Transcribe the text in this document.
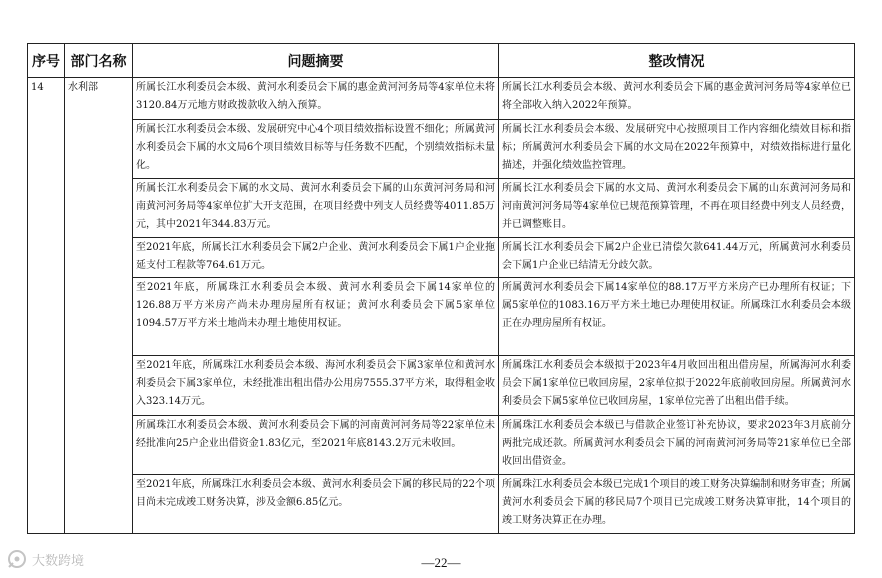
序号	部门名称	问题摘要	整改情况
14	水利部	所属长江水利委员会本级、黄河水利委员会下属的惠金黄河河务局等4家单位未将3120.84万元地方财政拨款收入纳入预算。	所属长江水利委员会本级、黄河水利委员会下属的惠金黄河河务局等4家单位已将全部收入纳入2022年预算。
		所属长江水利委员会本级、发展研究中心4个项目绩效指标设置不细化；所属黄河水利委员会下属的水文局6个项目绩效目标等与任务数不匹配，个别绩效指标未量化。	所属长江水利委员会本级、发展研究中心按照项目工作内容细化绩效目标和指标；所属黄河水利委员会下属的水文局在2022年预算中，对绩效指标进行量化描述，并强化绩效监控管理。
		所属长江水利委员会下属的水文局、黄河水利委员会下属的山东黄河河务局和河南黄河河务局等4家单位扩大开支范围，在项目经费中列支人员经费等4011.85万元，其中2021年344.83万元。	所属长江水利委员会下属的水文局、黄河水利委员会下属的山东黄河河务局和河南黄河河务局等4家单位已规范预算管理，不再在项目经费中列支人员经费，并已调整账目。
		至2021年底，所属长江水利委员会下属2户企业、黄河水利委员会下属1户企业拖延支付工程款等764.61万元。	所属长江水利委员会下属2户企业已清偿欠款641.44万元，所属黄河水利委员会下属1户企业已结清无分歧欠款。
		至2021年底，所属珠江水利委员会本级、黄河水利委员会下属14家单位的126.88万平方米房产尚未办理房屋所有权证；黄河水利委员会下属5家单位1094.57万平方米土地尚未办理土地使用权证。	所属黄河水利委员会下属14家单位的88.17万平方米房产已办理所有权证；下属5家单位的1083.16万平方米土地已办理使用权证。所属珠江水利委员会本级正在办理房屋所有权证。
		至2021年底，所属珠江水利委员会本级、海河水利委员会下属3家单位和黄河水利委员会下属3家单位，未经批准出租出借办公用房7555.37平方米，取得租金收入323.14万元。	所属珠江水利委员会本级拟于2023年4月收回出租出借房屋，所属海河水利委员会下属1家单位已收回房屋，2家单位拟于2022年底前收回房屋。所属黄河水利委员会下属5家单位已收回房屋，1家单位完善了出租出借手续。
		所属珠江水利委员会本级、黄河水利委员会下属的河南黄河河务局等22家单位未经批准向25户企业出借资金1.83亿元，至2021年底8143.2万元未收回。	所属珠江水利委员会本级已与借款企业签订补充协议，要求2023年3月底前分两批完成还款。所属黄河水利委员会下属的河南黄河河务局等21家单位已全部收回出借资金。
		至2021年底，所属珠江水利委员会本级、黄河水利委员会下属的移民局的22个项目尚未完成竣工财务决算，涉及金额6.85亿元。	所属珠江水利委员会本级已完成1个项目的竣工财务决算编制和财务审查；所属黄河水利委员会下属的移民局7个项目已完成竣工财务决算审批，14个项目的竣工财务决算正在办理。
—22—
大数跨境
